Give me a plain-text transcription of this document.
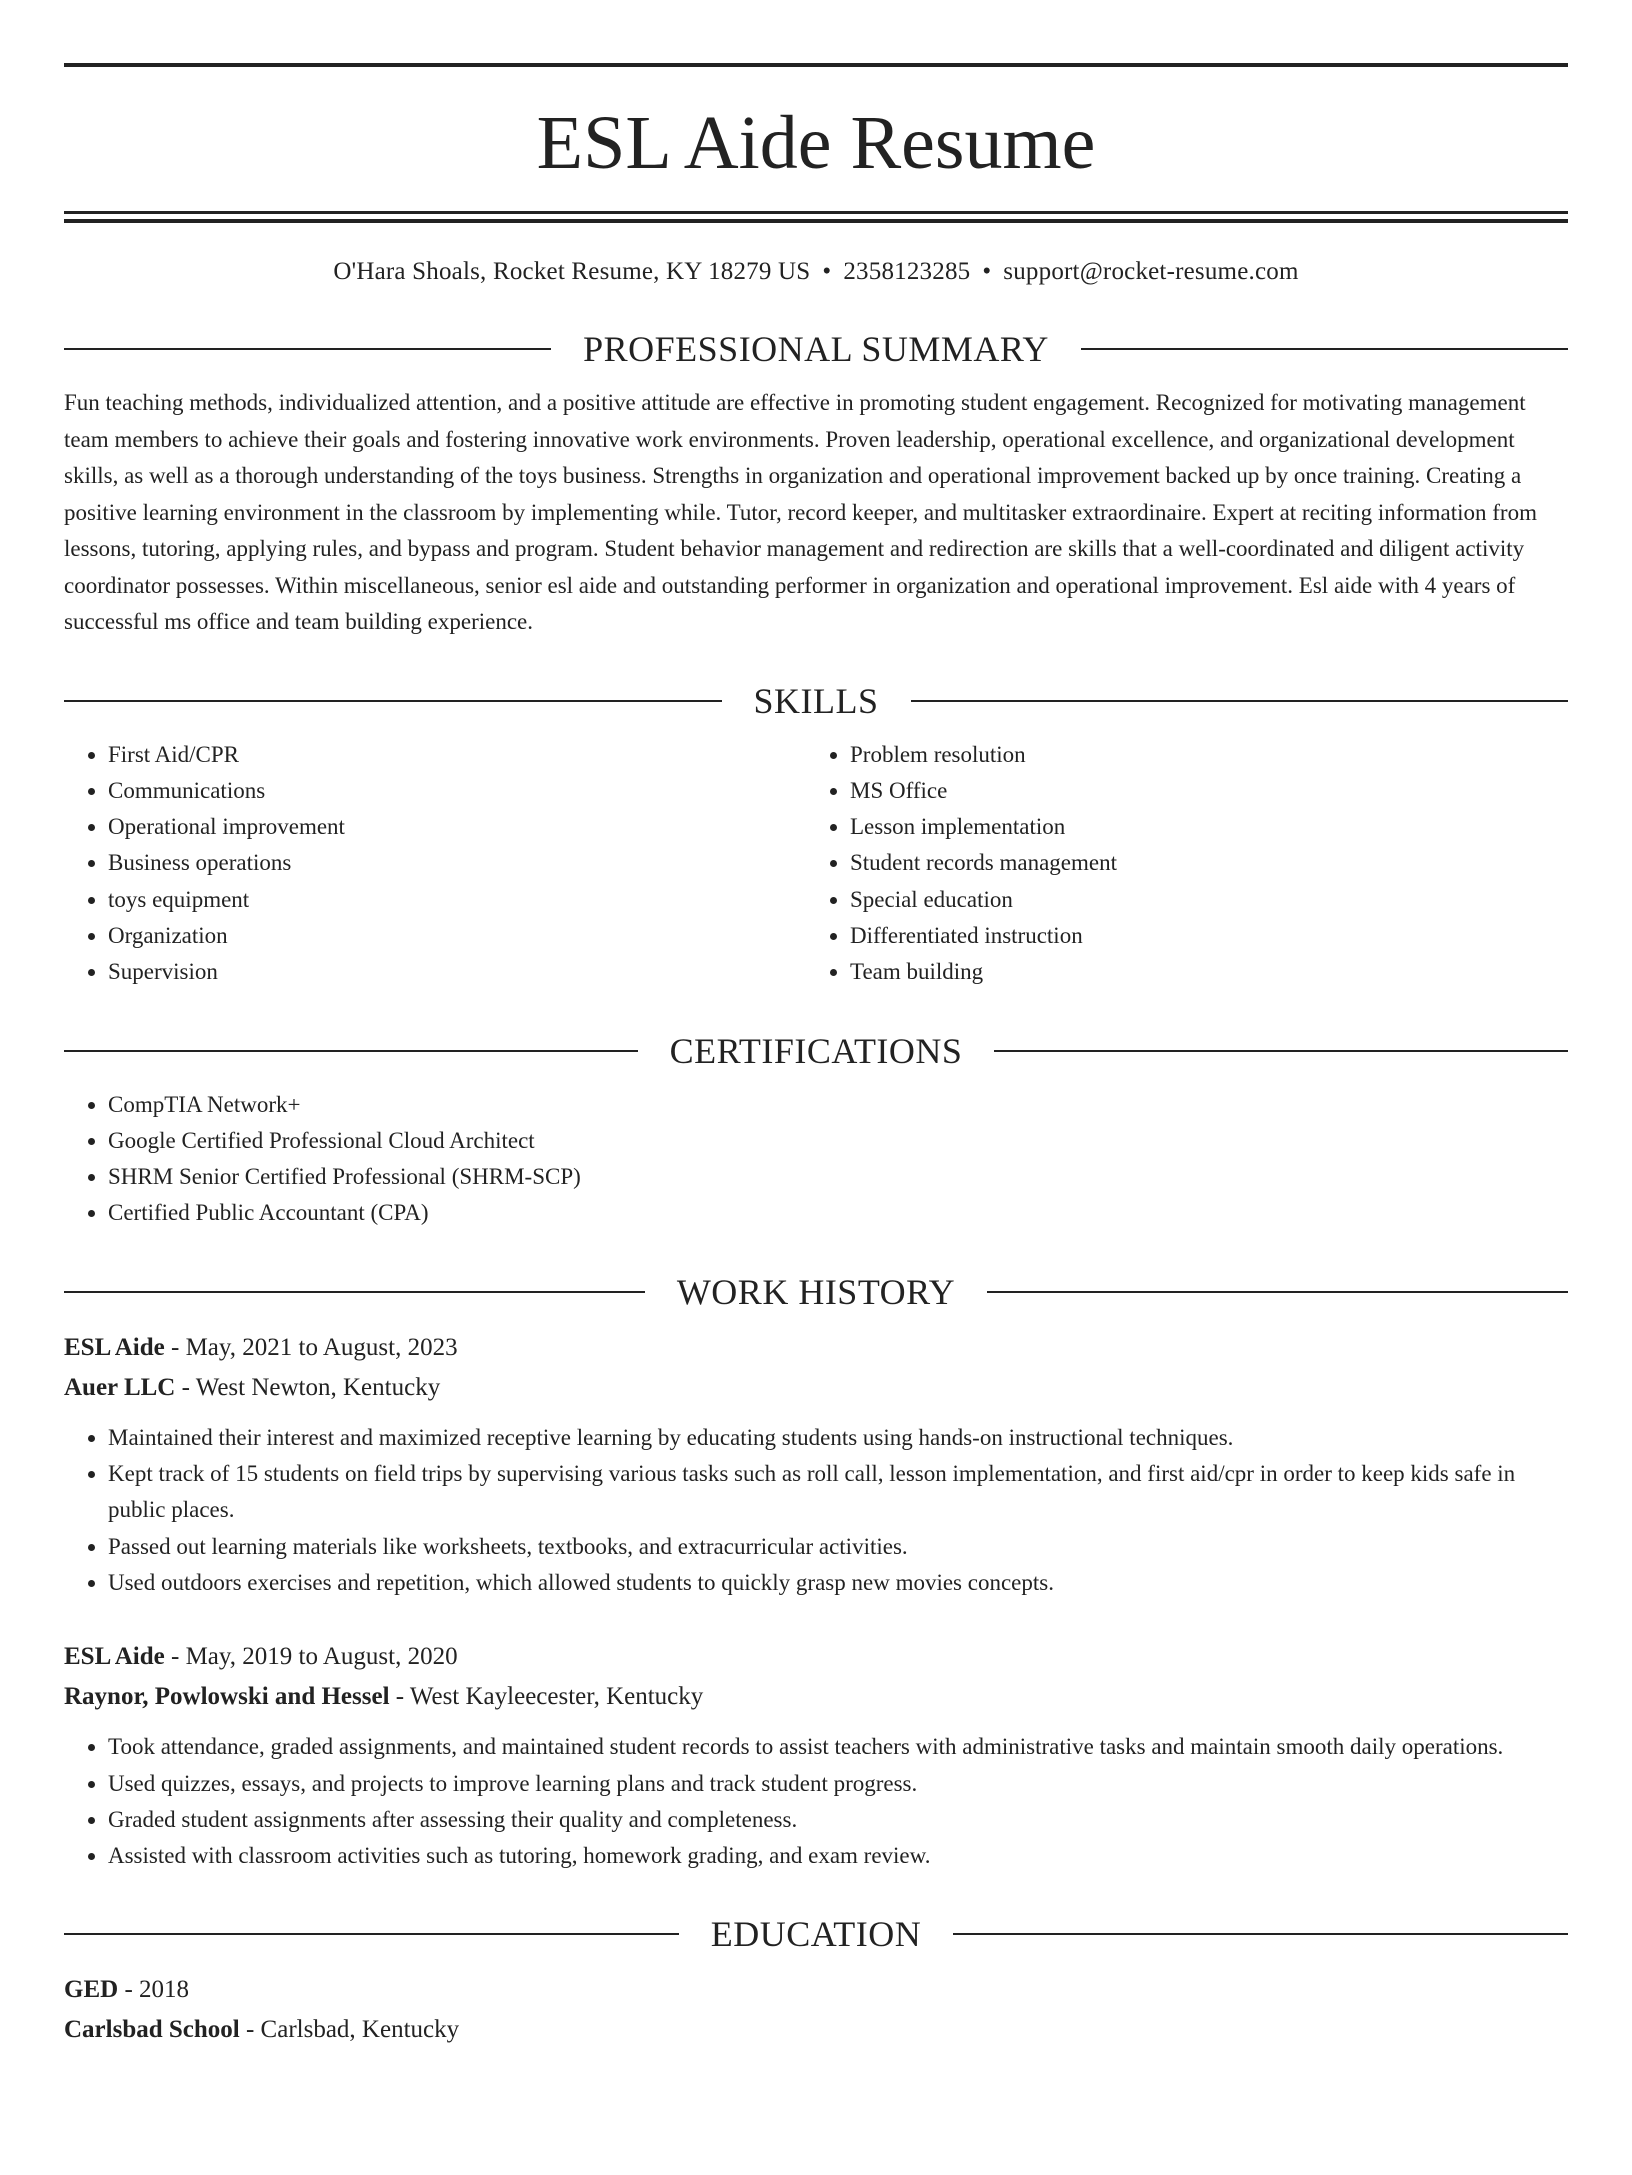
ESL Aide Resume
O'Hara Shoals, Rocket Resume, KY 18279 US • 2358123285 • support@rocket-resume.com
PROFESSIONAL SUMMARY

Fun teaching methods, individualized attention, and a positive attitude are effective in promoting student engagement. Recognized for motivating management team members to achieve their goals and fostering innovative work environments. Proven leadership, operational excellence, and organizational development skills, as well as a thorough understanding of the toys business. Strengths in organization and operational improvement backed up by once training. Creating a positive learning environment in the classroom by implementing while. Tutor, record keeper, and multitasker extraordinaire. Expert at reciting information from lessons, tutoring, applying rules, and bypass and program. Student behavior management and redirection are skills that a well-coordinated and diligent activity coordinator possesses. Within miscellaneous, senior esl aide and outstanding performer in organization and operational improvement. Esl aide with 4 years of successful ms office and team building experience.

SKILLS
• First Aid/CPR
• Communications
• Operational improvement
• Business operations
• toys equipment
• Organization
• Supervision
• Problem resolution
• MS Office
• Lesson implementation
• Student records management
• Special education
• Differentiated instruction
• Team building
CERTIFICATIONS
• CompTIA Network+
• Google Certified Professional Cloud Architect
• SHRM Senior Certified Professional (SHRM-SCP)
• Certified Public Accountant (CPA)
WORK HISTORY
ESL Aide - May, 2021 to August, 2023
Auer LLC - West Newton, Kentucky
• Maintained their interest and maximized receptive learning by educating students using hands-on instructional techniques.
• Kept track of 15 students on field trips by supervising various tasks such as roll call, lesson implementation, and first aid/cpr in order to keep kids safe in public places.
• Passed out learning materials like worksheets, textbooks, and extracurricular activities.
• Used outdoors exercises and repetition, which allowed students to quickly grasp new movies concepts.
ESL Aide - May, 2019 to August, 2020
Raynor, Powlowski and Hessel - West Kayleecester, Kentucky
• Took attendance, graded assignments, and maintained student records to assist teachers with administrative tasks and maintain smooth daily operations.
• Used quizzes, essays, and projects to improve learning plans and track student progress.
• Graded student assignments after assessing their quality and completeness.
• Assisted with classroom activities such as tutoring, homework grading, and exam review.
EDUCATION
GED - 2018
Carlsbad School - Carlsbad, Kentucky
